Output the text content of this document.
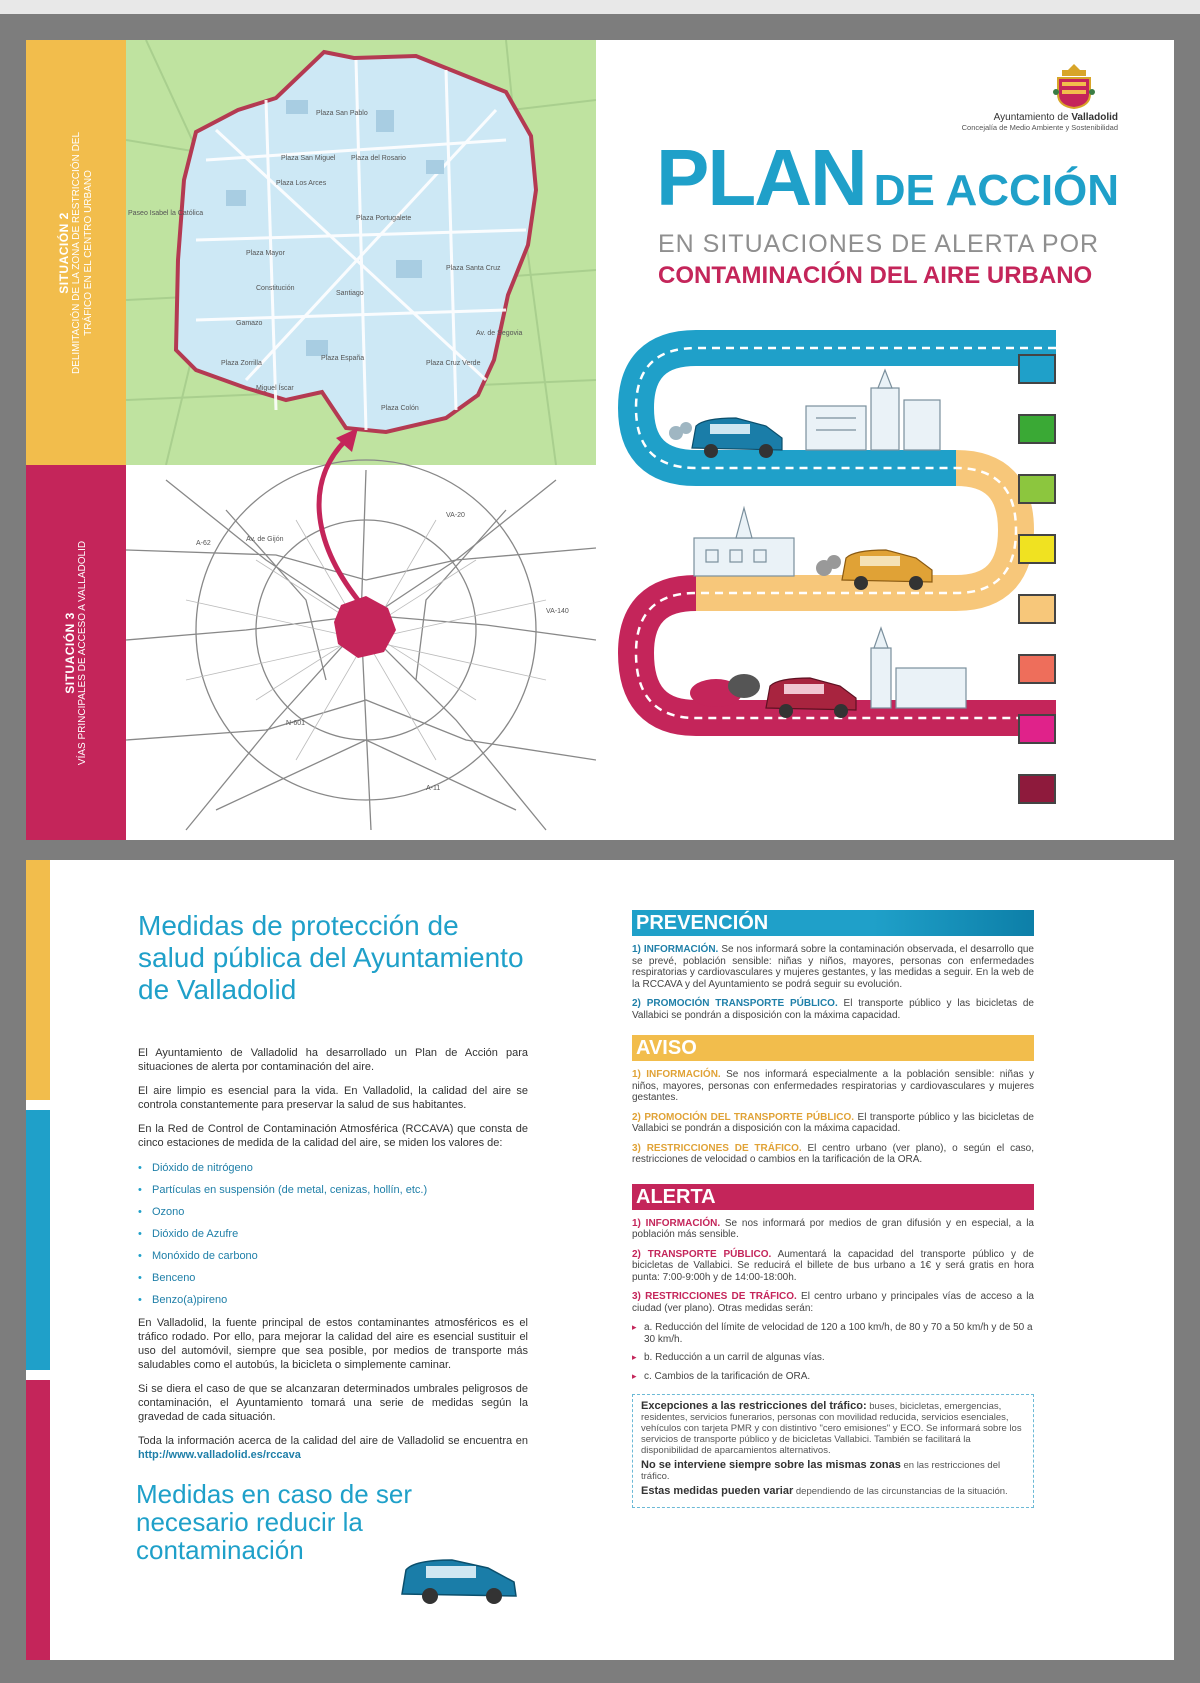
SITUACIÓN 2 DELIMITACIÓN DE LA ZONA DE RESTRICCIÓN DEL TRÁFICO EN EL CENTRO URBANO
SITUACIÓN 3 VÍAS PRINCIPALES DE ACCESO A VALLADOLID
Plaza San Pablo
Plaza San Miguel
Plaza Los Arces
Plaza del Rosario
Plaza Portugalete
Plaza Mayor
Plaza Santa Cruz
Plaza España
Plaza Zorrilla	Plaza Cruz Verde
Plaza Colón
Miguel Íscar
Paseo Isabel la Católica
Constitución
Santiago
Gamazo
Av. de Segovia
Av. de Gijón
VA-140
VA-20
N-601
A-62
A-11
Ayuntamiento de Valladolid
Concejalía de Medio Ambiente y Sostenibilidad
PLAN DE ACCIÓN
EN SITUACIONES DE ALERTA POR
CONTAMINACIÓN DEL AIRE URBANO
Medidas de protección de salud pública del Ayuntamiento de Valladolid

El Ayuntamiento de Valladolid ha desarrollado un Plan de Acción para situaciones de alerta por contaminación del aire.

El aire limpio es esencial para la vida. En Valladolid, la calidad del aire se controla constantemente para preservar la salud de sus habitantes.

En la Red de Control de Contaminación Atmosférica (RCCAVA) que consta de cinco estaciones de medida de la calidad del aire, se miden los valores de:

• Dióxido de nitrógeno
• Partículas en suspensión (de metal, cenizas, hollín, etc.)
• Ozono
• Dióxido de Azufre
• Monóxido de carbono
• Benceno
• Benzo(a)pireno

En Valladolid, la fuente principal de estos contaminantes atmosféricos es el tráfico rodado. Por ello, para mejorar la calidad del aire es esencial sustituir el uso del automóvil, siempre que sea posible, por medios de transporte más saludables como el autobús, la bicicleta o simplemente caminar.

Si se diera el caso de que se alcanzaran determinados umbrales peligrosos de contaminación, el Ayuntamiento tomará una serie de medidas según la gravedad de cada situación.

Toda la información acerca de la calidad del aire de Valladolid se encuentra en http://www.valladolid.es/rccava

Medidas en caso de ser necesario reducir la contaminación
PREVENCIÓN

1) INFORMACIÓN. Se nos informará sobre la contaminación observada, el desarrollo que se prevé, población sensible: niñas y niños, mayores, personas con enfermedades respiratorias y cardiovasculares y mujeres gestantes, y las medidas a seguir. En la web de la RCCAVA y del Ayuntamiento se podrá seguir su evolución.

2) PROMOCIÓN TRANSPORTE PÚBLICO. El transporte público y las bicicletas de Vallabici se pondrán a disposición con la máxima capacidad.

AVISO

1) INFORMACIÓN. Se nos informará especialmente a la población sensible: niñas y niños, mayores, personas con enfermedades respiratorias y cardiovasculares y mujeres gestantes.

2) PROMOCIÓN DEL TRANSPORTE PÚBLICO. El transporte público y las bicicletas de Vallabici se pondrán a disposición con la máxima capacidad.

3) RESTRICCIONES DE TRÁFICO. El centro urbano (ver plano), o según el caso, restricciones de velocidad o cambios en la tarificación de la ORA.

ALERTA

1) INFORMACIÓN. Se nos informará por medios de gran difusión y en especial, a la población más sensible.

2) TRANSPORTE PÚBLICO. Aumentará la capacidad del transporte público y de bicicletas de Vallabici. Se reducirá el billete de bus urbano a 1€ y será gratis en hora punta: 7:00-9:00h y de 14:00-18:00h.

3) RESTRICCIONES DE TRÁFICO. El centro urbano y principales vías de acceso a la ciudad (ver plano). Otras medidas serán:

▸ a. Reducción del límite de velocidad de 120 a 100 km/h, de 80 y 70 a 50 km/h y de 50 a 30 km/h.
▸ b. Reducción a un carril de algunas vías.
▸ c. Cambios de la tarificación de ORA.

Excepciones a las restricciones del tráfico: buses, bicicletas, emergencias, residentes, servicios funerarios, personas con movilidad reducida, servicios esenciales, vehículos con tarjeta PMR y con distintivo "cero emisiones" y ECO. Se informará sobre los servicios de transporte público y de bicicletas Vallabici. También se facilitará la disponibilidad de aparcamientos alternativos.

No se interviene siempre sobre las mismas zonas en las restricciones del tráfico.

Estas medidas pueden variar dependiendo de las circunstancias de la situación.
